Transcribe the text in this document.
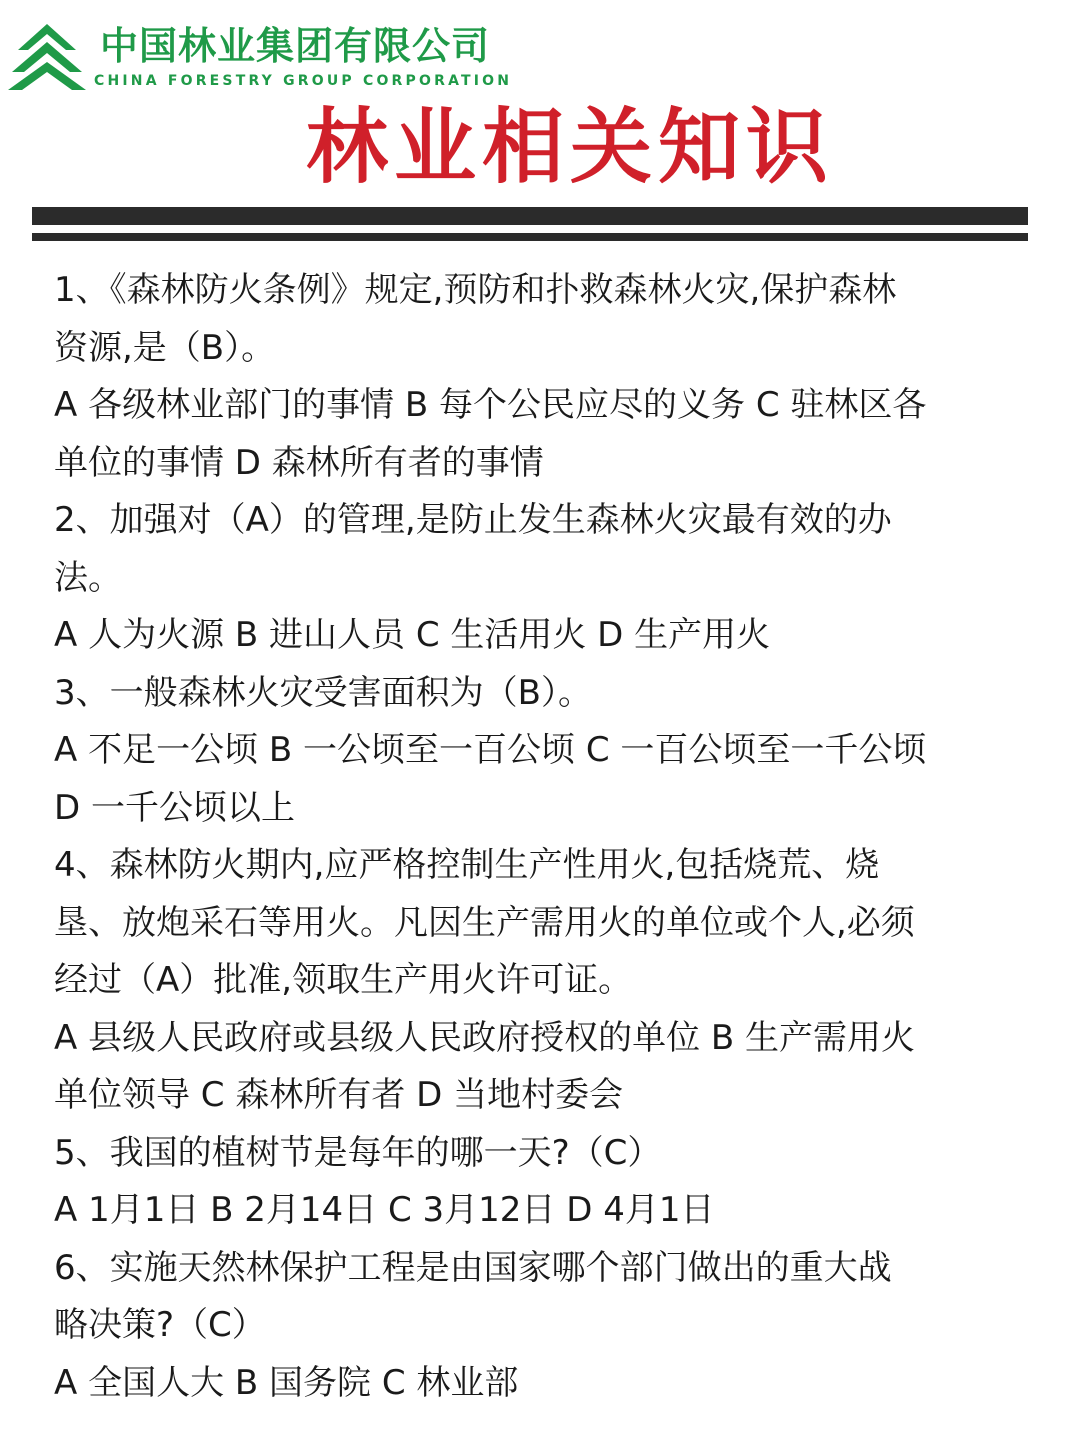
中国林业集团有限公司
CHINA FORESTRY GROUP CORPORATION
林业相关知识
1、《森林防火条例》规定,预防和扑救森林火灾,保护森林
资源,是（B）。
A 各级林业部门的事情 B 每个公民应尽的义务 C 驻林区各
单位的事情 D 森林所有者的事情
2、加强对（A）的管理,是防止发生森林火灾最有效的办
法。
A 人为火源 B 进山人员 C 生活用火 D 生产用火
3、一般森林火灾受害面积为（B）。
A 不足一公顷 B 一公顷至一百公顷 C 一百公顷至一千公顷
D 一千公顷以上
4、森林防火期内,应严格控制生产性用火,包括烧荒、烧
垦、放炮采石等用火。凡因生产需用火的单位或个人,必须
经过（A）批准,领取生产用火许可证。
A 县级人民政府或县级人民政府授权的单位 B 生产需用火
单位领导 C 森林所有者 D 当地村委会
5、我国的植树节是每年的哪一天?（C）
A 1月1日 B 2月14日 C 3月12日 D 4月1日
6、实施天然林保护工程是由国家哪个部门做出的重大战
略决策?（C）
A 全国人大 B 国务院 C 林业部
